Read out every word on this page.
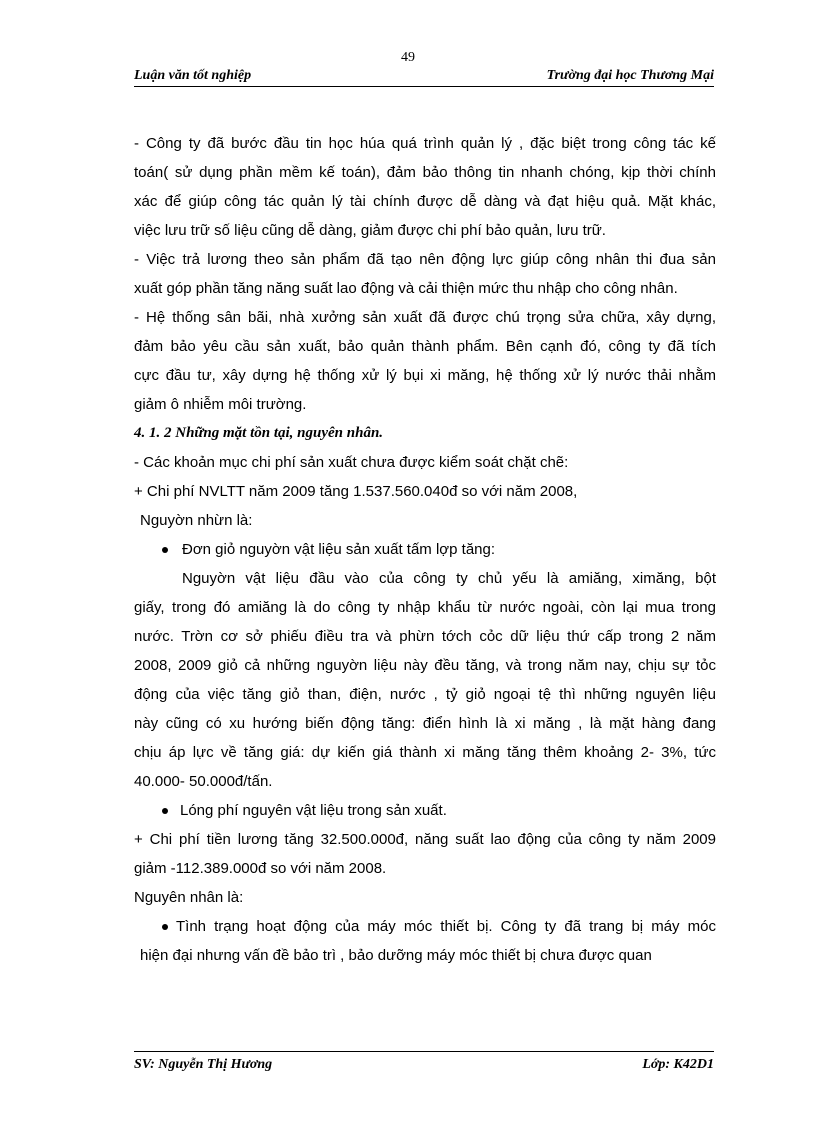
49
Luận văn tốt nghiệp	Trường đại học Thương Mại

- Công ty đã bước đầu tin học húa quá trình quản lý , đặc biệt trong công tác kế

toán( sử dụng phần mềm kế toán), đảm bảo thông tin nhanh chóng, kịp thời chính

xác để giúp công tác quản lý tài chính được dễ dàng và đạt hiệu quả. Mặt khác,

việc lưu trữ số liệu cũng dễ dàng, giảm được chi phí bảo quản, lưu trữ.

- Việc trả lương theo sản phẩm đã tạo nên động lực giúp công nhân thi đua sản

xuất góp phần tăng năng suất lao động và cải thiện mức thu nhập cho công nhân.

- Hệ thống sân bãi, nhà xưởng sản xuất đã được chú trọng sửa chữa, xây dựng,

đảm bảo yêu cầu sản xuất, bảo quản thành phẩm. Bên cạnh đó, công ty đã tích

cực đầu tư, xây dựng hệ thống xử lý bụi xi măng, hệ thống xử lý nước thải nhằm

giảm ô nhiễm môi trường.

4. 1. 2 Những mặt tồn tại, nguyên nhân.

- Các khoản mục chi phí sản xuất chưa được kiểm soát chặt chẽ:

+ Chi phí NVLTT năm 2009 tăng 1.537.560.040đ so với năm 2008,

Nguyờn nhừn là:

Đơn giỏ nguyờn vật liệu sản xuất tấm lợp tăng:

Nguyờn vật liệu đầu vào của công ty chủ yếu là amiăng, ximăng, bột

giấy, trong đó amiăng là do công ty nhập khẩu từ nước ngoài, còn lại mua trong

nước. Trờn cơ sở phiếu điều tra và phừn tớch cỏc dữ liệu thứ cấp trong 2 năm

2008, 2009 giỏ cả những nguyờn liệu này đều tăng, và trong năm nay, chịu sự tỏc

động của việc tăng giỏ than, điện, nước , tỷ giỏ ngoại tệ thì những nguyên liệu

này cũng có xu hướng biến động tăng: điển hình là xi măng , là mặt hàng đang

chịu áp lực về tăng giá: dự kiến giá thành xi măng tăng thêm khoảng 2- 3%, tức

40.000- 50.000đ/tấn.

Lóng phí nguyên vật liệu trong sản xuất.

+ Chi phí tiền lương tăng 32.500.000đ, năng suất lao động của công ty năm 2009

giảm -112.389.000đ so với năm 2008.

Nguyên nhân là:

Tình trạng hoạt động của máy móc thiết bị. Công ty đã trang bị máy móc

hiện đại nhưng vấn đề bảo trì , bảo dưỡng máy móc thiết bị chưa được quan

SV: Nguyễn Thị Hương	Lớp: K42D1
